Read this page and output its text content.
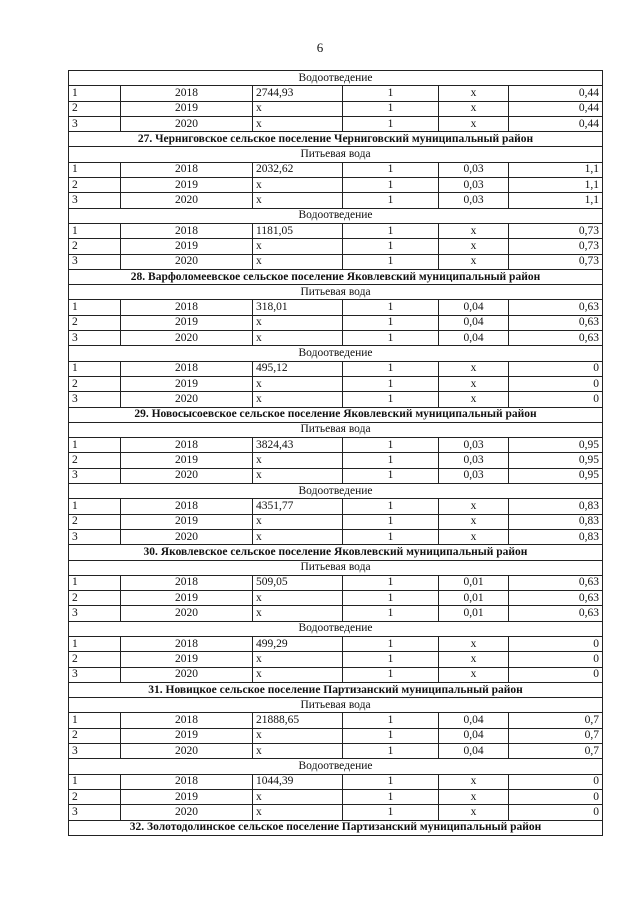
6
Водоотведение					
1	2018	2744,93	1	x	0,44
2	2019	x	1	x	0,44
3	2020	x	1	x	0,44
27. Черниговское сельское поселение Черниговский муниципальный район					
Питьевая вода					
1	2018	2032,62	1	0,03	1,1
2	2019	x	1	0,03	1,1
3	2020	x	1	0,03	1,1
Водоотведение					
1	2018	1181,05	1	x	0,73
2	2019	x	1	x	0,73
3	2020	x	1	x	0,73
28. Варфоломеевское сельское поселение Яковлевский муниципальный район					
Питьевая вода					
1	2018	318,01	1	0,04	0,63
2	2019	x	1	0,04	0,63
3	2020	x	1	0,04	0,63
Водоотведение					
1	2018	495,12	1	x	0
2	2019	x	1	x	0
3	2020	x	1	x	0
29. Новосысоевское сельское поселение Яковлевский муниципальный район					
Питьевая вода					
1	2018	3824,43	1	0,03	0,95
2	2019	x	1	0,03	0,95
3	2020	x	1	0,03	0,95
Водоотведение					
1	2018	4351,77	1	x	0,83
2	2019	x	1	x	0,83
3	2020	x	1	x	0,83
30. Яковлевское сельское поселение Яковлевский муниципальный район					
Питьевая вода					
1	2018	509,05	1	0,01	0,63
2	2019	x	1	0,01	0,63
3	2020	x	1	0,01	0,63
Водоотведение					
1	2018	499,29	1	x	0
2	2019	x	1	x	0
3	2020	x	1	x	0
31. Новицкое сельское поселение Партизанский муниципальный район					
Питьевая вода					
1	2018	21888,65	1	0,04	0,7
2	2019	x	1	0,04	0,7
3	2020	x	1	0,04	0,7
Водоотведение					
1	2018	1044,39	1	x	0
2	2019	x	1	x	0
3	2020	x	1	x	0
32. Золотодолинское сельское поселение Партизанский муниципальный район					
